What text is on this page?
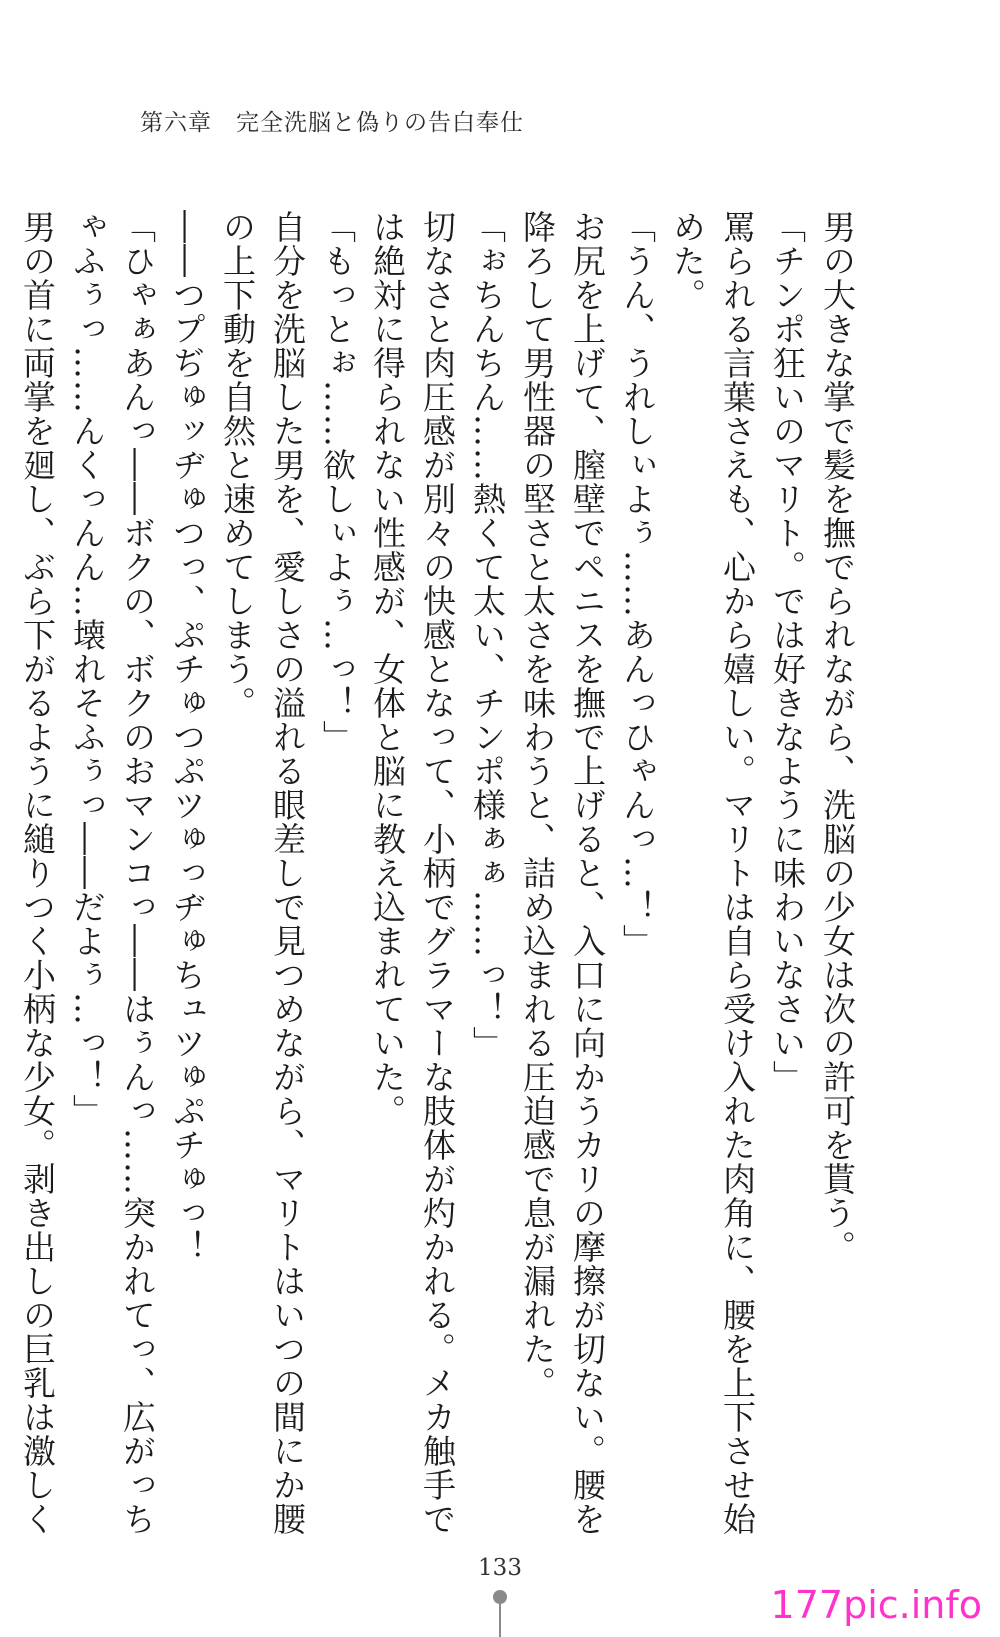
第六章　完全洗脳と偽りの告白奉仕
男の大きな掌で髪を撫でられながら、洗脳の少女は次の許可を貰う。
「チンポ狂いのマリト。では好きなように味わいなさい」
罵られる言葉さえも、心から嬉しい。マリトは自ら受け入れた肉角に、腰を上下させ始
めた。
「うん、うれしぃよぅ……あんっひゃんっ…！」
お尻を上げて、膣壁でペニスを撫で上げると、入口に向かうカリの摩擦が切ない。腰を
降ろして男性器の堅さと太さを味わうと、詰め込まれる圧迫感で息が漏れた。
「ぉちんちん……熱くて太い、チンポ様ぁぁ……っ！」
切なさと肉圧感が別々の快感となって、小柄でグラマーな肢体が灼かれる。メカ触手で
は絶対に得られない性感が、女体と脳に教え込まれていた。
「もっとぉ……欲しぃよぅ…っ！」
自分を洗脳した男を、愛しさの溢れる眼差しで見つめながら、マリトはいつの間にか腰
の上下動を自然と速めてしまう。
――つプぢゅッヂゅつっ、ぷチゅつぷツゅっヂゅちュツゅぷチゅっ！
「ひゃぁあんっ――ボクの、ボクのおマンコっ――はぅんっ……突かれてっ、広がっち
ゃふぅっ……んくっんん…壊れそふぅっ――だよぅ…っ！」
男の首に両掌を廻し、ぶら下がるように縋りつく小柄な少女。剥き出しの巨乳は激しく
133
177pic.info
